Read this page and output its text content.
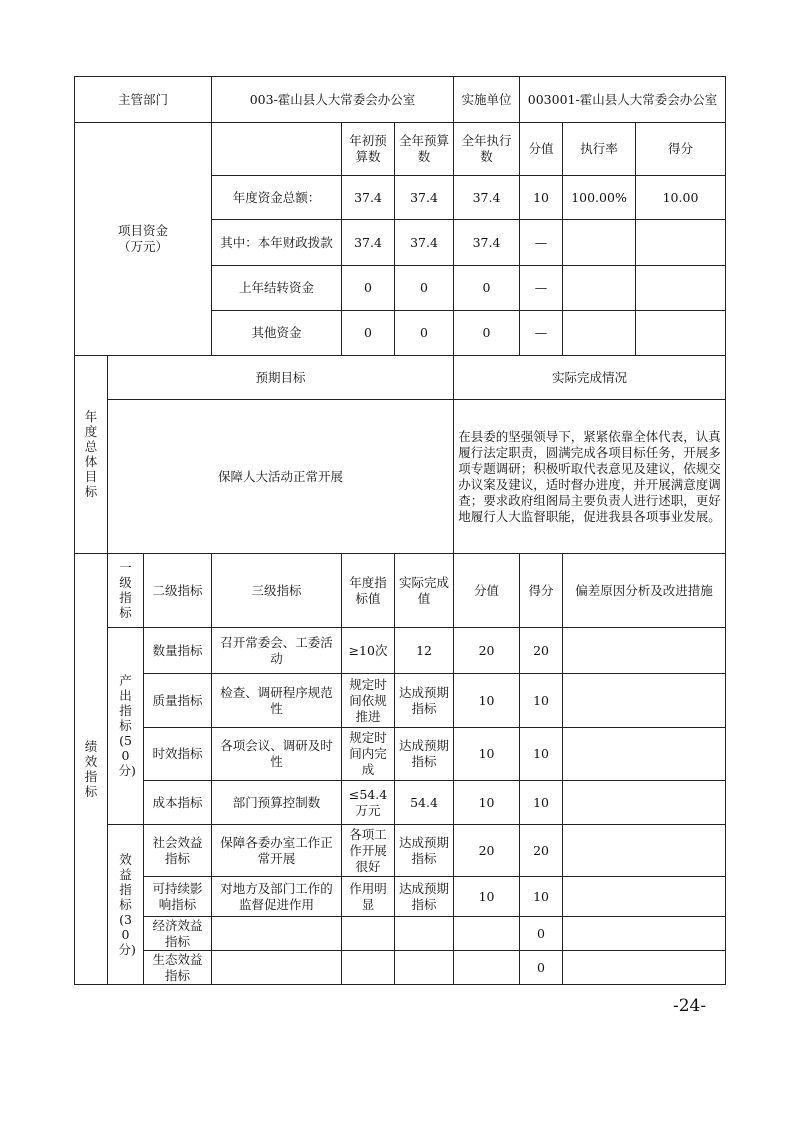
主管部门			003-霍山县人大常委会办公室			实施单位	003001-霍山县人大常委会办公室		
项目资金
（万元）				年初预算数	全年预算数	全年执行数	分值	执行率	得分
			年度资金总额：	37.4	37.4	37.4	10	100.00%	10.00
			其中：本年财政拨款	37.4	37.4	37.4	—		
			上年结转资金	0	0	0	—		
			其他资金	0	0	0	—		
年度总体目标	预期目标					实际完成情况			
	保障人大活动正常开展					在县委的坚强领导下，紧紧依靠全体代表，认真履行法定职责，圆满完成各项目标任务，开展多项专题调研；积极听取代表意见及建议，依规交办议案及建议，适时督办进度，并开展满意度调查；要求政府组阁局主要负责人进行述职，更好地履行人大监督职能，促进我县各项事业发展。			
绩效指标	一级指标	二级指标	三级指标	年度指标值	实际完成值	分值	得分	偏差原因分析及改进措施	
	产出指标(50分)	数量指标	召开常委会、工委活动	≥10次	12	20	20		
		质量指标	检查、调研程序规范性	规定时间依规推进	达成预期指标	10	10		
		时效指标	各项会议、调研及时性	规定时间内完成	达成预期指标	10	10		
		成本指标	部门预算控制数	≤54.4万元	54.4	10	10		
	效益指标(30分)	社会效益指标	保障各委办室工作正常开展	各项工作开展很好	达成预期指标	20	20		
		可持续影响指标	对地方及部门工作的监督促进作用	作用明显	达成预期指标	10	10		
		经济效益指标					0		
		生态效益指标					0		
-24-
